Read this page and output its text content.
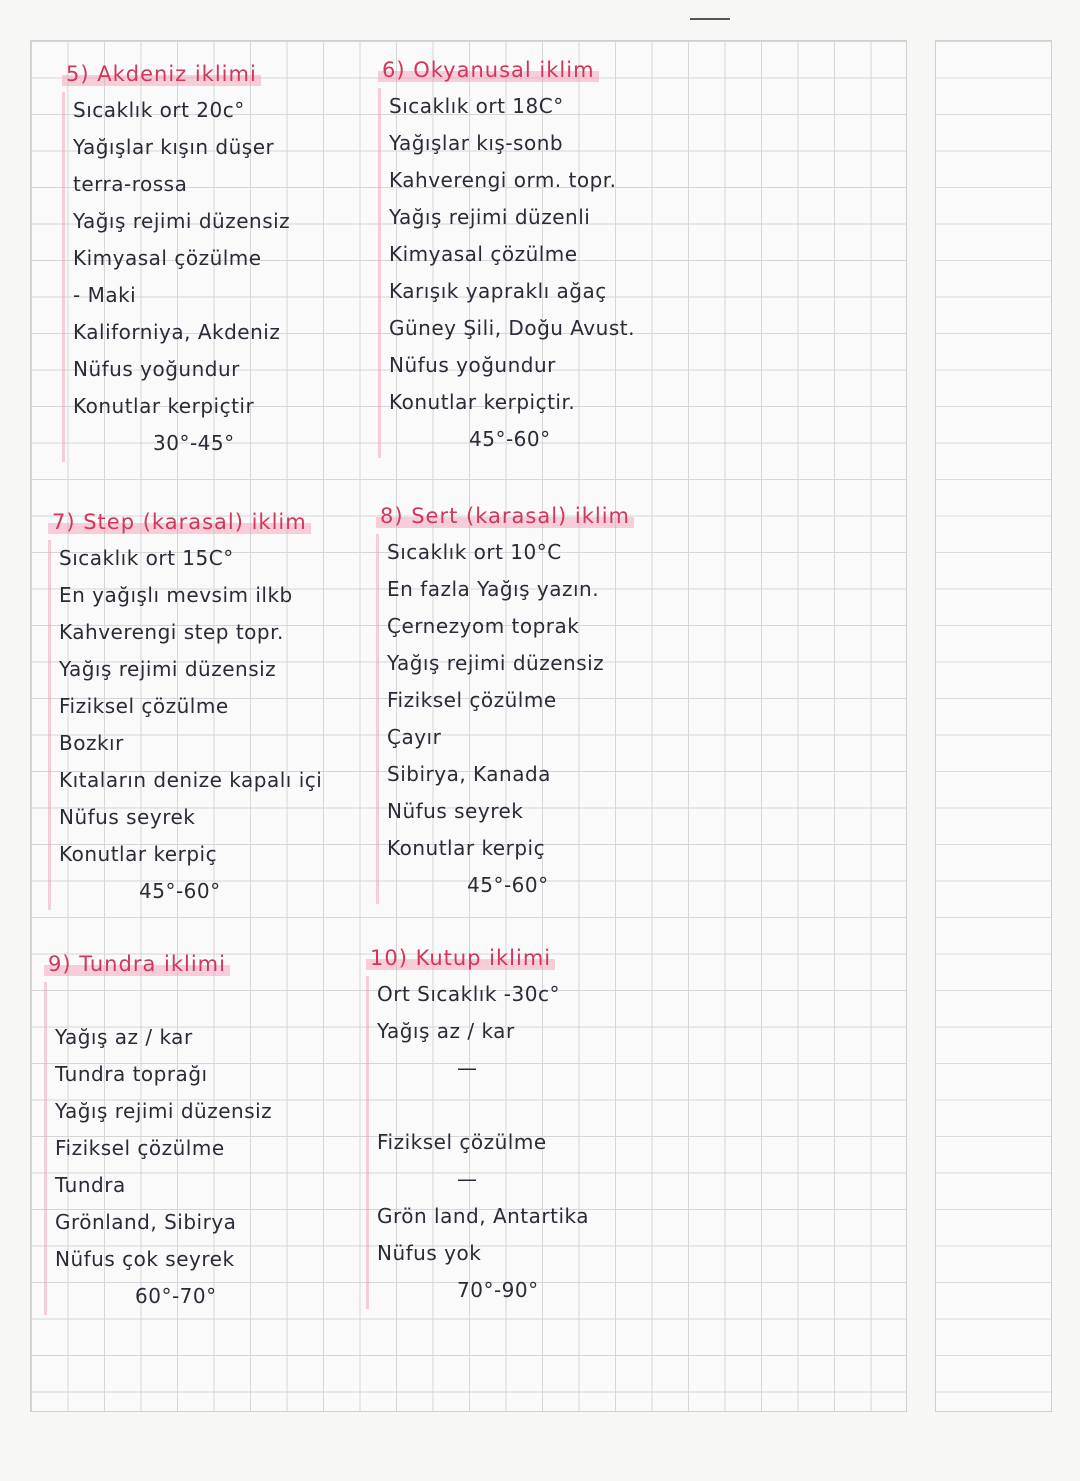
5) Akdeniz iklimi
Sıcaklık ort 20c°
Yağışlar kışın düşer
terra-rossa
Yağış rejimi düzensiz
Kimyasal çözülme
- Maki
Kaliforniya, Akdeniz
Nüfus yoğundur
Konutlar kerpiçtir
30°-45°
6) Okyanusal iklim
Sıcaklık ort 18C°
Yağışlar kış-sonb
Kahverengi orm. topr.
Yağış rejimi düzenli
Kimyasal çözülme
Karışık yapraklı ağaç
Güney Şili, Doğu Avust.
Nüfus yoğundur
Konutlar kerpiçtir.
45°-60°
7) Step (karasal) iklim
Sıcaklık ort 15C°
En yağışlı mevsim ilkb
Kahverengi step topr.
Yağış rejimi düzensiz
Fiziksel çözülme
Bozkır
Kıtaların denize kapalı içi
Nüfus seyrek
Konutlar kerpiç
45°-60°
8) Sert (karasal) iklim
Sıcaklık ort 10°C
En fazla Yağış yazın.
Çernezyom toprak
Yağış rejimi düzensiz
Fiziksel çözülme
Çayır
Sibirya, Kanada
Nüfus seyrek
Konutlar kerpiç
45°-60°
9) Tundra iklimi
Yağış az / kar
Tundra toprağı
Yağış rejimi düzensiz
Fiziksel çözülme
Tundra
Grönland, Sibirya
Nüfus çok seyrek
60°-70°
10) Kutup iklimi
Ort Sıcaklık -30c°
Yağış az / kar
—
Fiziksel çözülme
—
Grön land, Antartika
Nüfus yok
70°-90°
